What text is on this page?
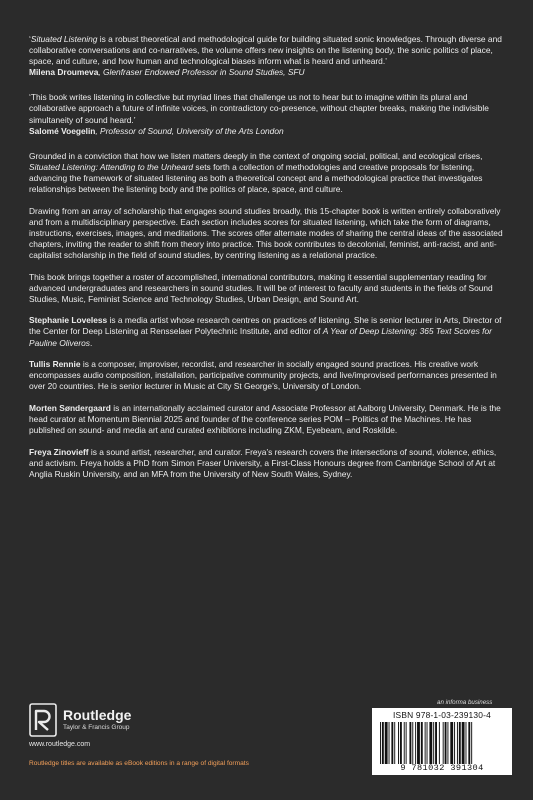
‘Situated Listening is a robust theoretical and methodological guide for building situated sonic knowledges. Through diverse and collaborative conversations and co-narratives, the volume offers new insights on the listening body, the sonic politics of place, space, and culture, and how human and technological biases inform what is heard and unheard.’
Milena Droumeva, Glenfraser Endowed Professor in Sound Studies, SFU

‘This book writes listening in collective but myriad lines that challenge us not to hear but to imagine within its plural and collaborative approach a future of infinite voices, in contradictory co-presence, without chapter breaks, making the indivisible simultaneity of sound heard.’
Salomé Voegelin, Professor of Sound, University of the Arts London

Grounded in a conviction that how we listen matters deeply in the context of ongoing social, political, and ecological crises, Situated Listening: Attending to the Unheard sets forth a collection of methodologies and creative proposals for listening, advancing the framework of situated listening as both a theoretical concept and a methodological practice that investigates relationships between the listening body and the politics of place, space, and culture.

Drawing from an array of scholarship that engages sound studies broadly, this 15-chapter book is written entirely collaboratively and from a multidisciplinary perspective. Each section includes scores for situated listening, which take the form of diagrams, instructions, exercises, images, and meditations. The scores offer alternate modes of sharing the central ideas of the associated chapters, inviting the reader to shift from theory into practice. This book contributes to decolonial, feminist, anti-racist, and anti-capitalist scholarship in the field of sound studies, by centring listening as a relational practice.

This book brings together a roster of accomplished, international contributors, making it essential supplementary reading for advanced undergraduates and researchers in sound studies. It will be of interest to faculty and students in the fields of Sound Studies, Music, Feminist Science and Technology Studies, Urban Design, and Sound Art.

Stephanie Loveless is a media artist whose research centres on practices of listening. She is senior lecturer in Arts, Director of the Center for Deep Listening at Rensselaer Polytechnic Institute, and editor of A Year of Deep Listening: 365 Text Scores for Pauline Oliveros.

Tullis Rennie is a composer, improviser, recordist, and researcher in socially engaged sound practices. His creative work encompasses audio composition, installation, participative community projects, and live/improvised performances presented in over 20 countries. He is senior lecturer in Music at City St George’s, University of London.

Morten Søndergaard is an internationally acclaimed curator and Associate Professor at Aalborg University, Denmark. He is the head curator at Momentum Biennial 2025 and founder of the conference series POM – Politics of the Machines. He has published on sound- and media art and curated exhibitions including ZKM, Eyebeam, and Roskilde.

Freya Zinovieff is a sound artist, researcher, and curator. Freya’s research covers the intersections of sound, violence, ethics, and activism. Freya holds a PhD from Simon Fraser University, a First-Class Honours degree from Cambridge School of Art at Anglia Ruskin University, and an MFA from the University of New South Wales, Sydney.

Routledge
Taylor & Francis Group
www.routledge.com
Routledge titles are available as eBook editions in a range of digital formats
an informa business
ISBN 978-1-03-239130-4
9 781032 391304
